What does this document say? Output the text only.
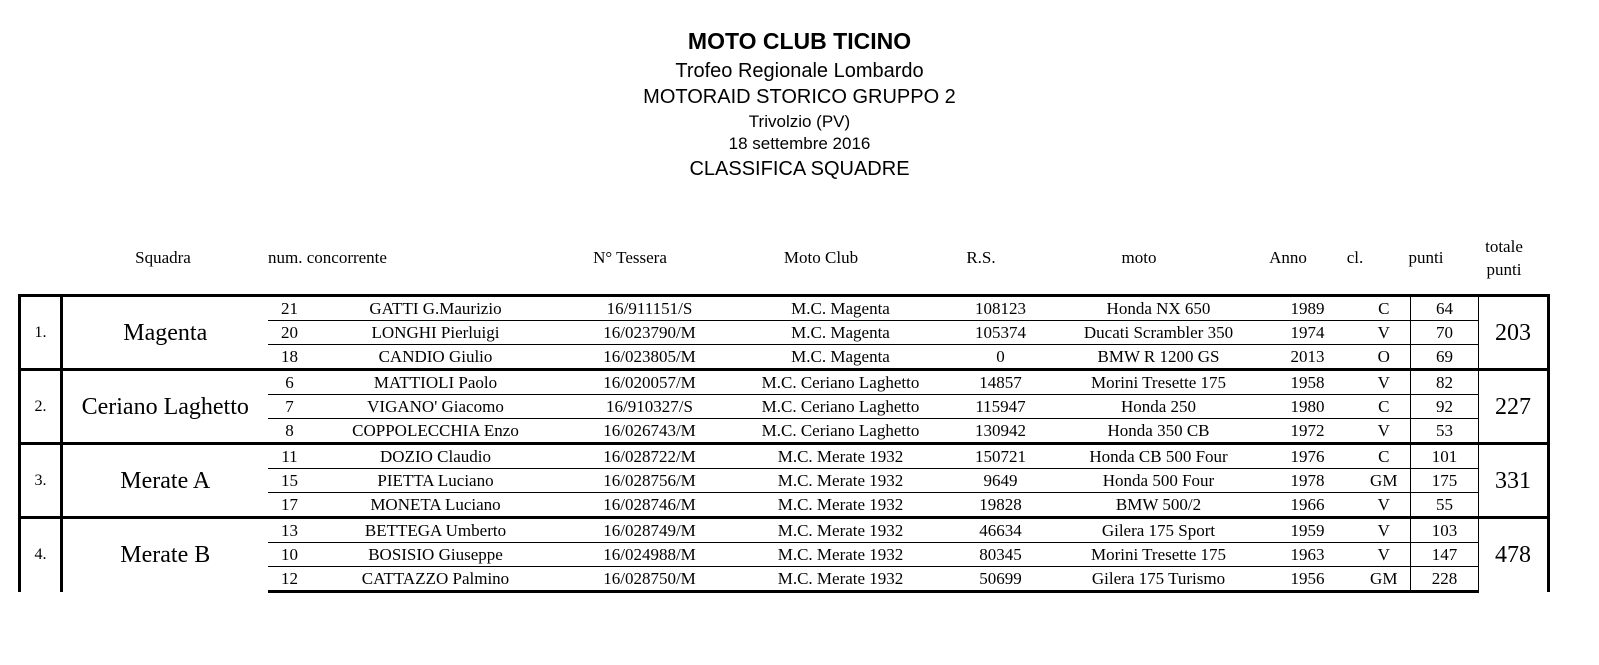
MOTO CLUB TICINO
Trofeo Regionale Lombardo
MOTORAID STORICO GRUPPO 2
Trivolzio (PV)
18 settembre 2016
CLASSIFICA SQUADRE
Squadra	num. concorrente	N° Tessera	Moto Club	R.S.	moto	Anno	cl.	punti
totale
punti
1.	Magenta	21	GATTI G.Maurizio	16/911151/S	M.C. Magenta	108123	Honda NX 650	1989	C	64	203
		20	LONGHI Pierluigi	16/023790/M	M.C. Magenta	105374	Ducati Scrambler 350	1974	V	70	
		18	CANDIO Giulio	16/023805/M	M.C. Magenta	0	BMW R 1200 GS	2013	O	69	
2.	Ceriano Laghetto	6	MATTIOLI Paolo	16/020057/M	M.C. Ceriano Laghetto	14857	Morini Tresette 175	1958	V	82	227
		7	VIGANO' Giacomo	16/910327/S	M.C. Ceriano Laghetto	115947	Honda 250	1980	C	92	
		8	COPPOLECCHIA Enzo	16/026743/M	M.C. Ceriano Laghetto	130942	Honda 350 CB	1972	V	53	
3.	Merate A	11	DOZIO Claudio	16/028722/M	M.C. Merate 1932	150721	Honda CB 500 Four	1976	C	101	331
		15	PIETTA Luciano	16/028756/M	M.C. Merate 1932	9649	Honda 500 Four	1978	GM	175	
		17	MONETA Luciano	16/028746/M	M.C. Merate 1932	19828	BMW 500/2	1966	V	55	
4.	Merate B	13	BETTEGA Umberto	16/028749/M	M.C. Merate 1932	46634	Gilera 175 Sport	1959	V	103	478
		10	BOSISIO Giuseppe	16/024988/M	M.C. Merate 1932	80345	Morini Tresette 175	1963	V	147	
		12	CATTAZZO Palmino	16/028750/M	M.C. Merate 1932	50699	Gilera 175 Turismo	1956	GM	228	
